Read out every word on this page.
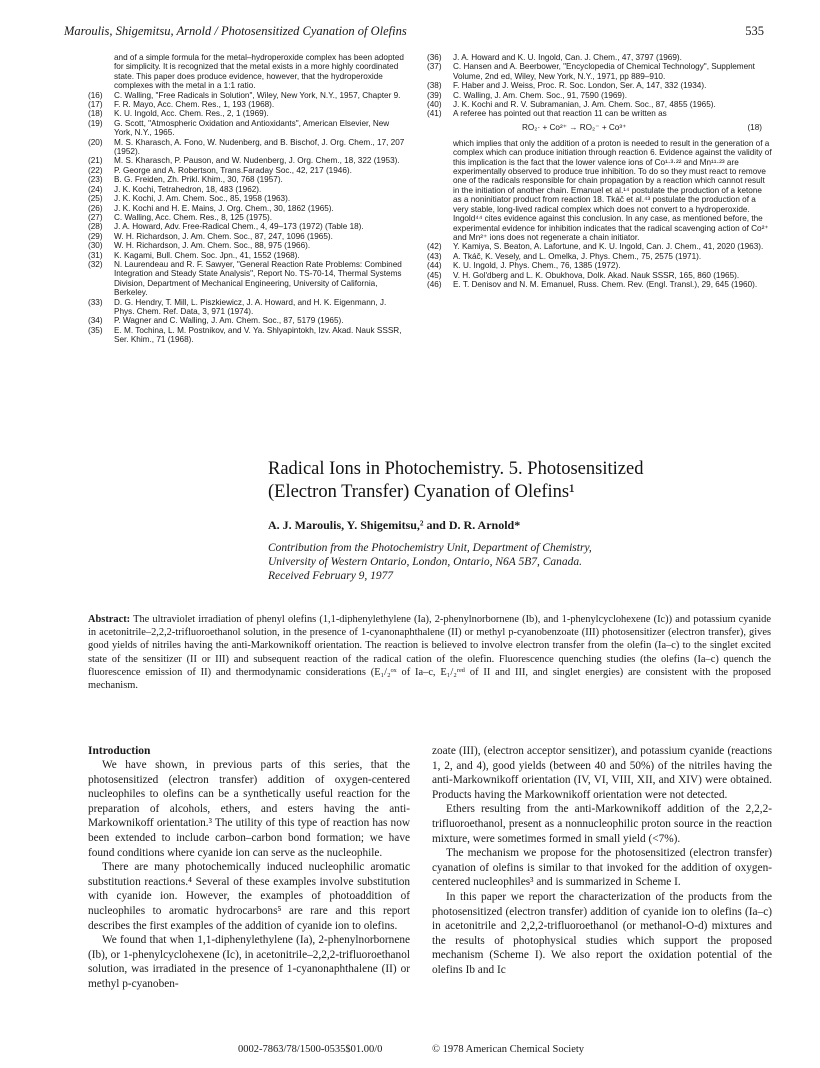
Maroulis, Shigemitsu, Arnold / Photosensitized Cyanation of Olefins	535

and of a simple formula for the metal–hydroperoxide complex has been adopted for simplicity. It is recognized that the metal exists in a more highly coordinated state. This paper does produce evidence, however, that the hydroperoxide complexes with the metal in a 1:1 ratio.

(16) C. Walling, "Free Radicals in Solution", Wiley, New York, N.Y., 1957, Chapter 9.

(17) F. R. Mayo, Acc. Chem. Res., 1, 193 (1968).

(18) K. U. Ingold, Acc. Chem. Res., 2, 1 (1969).

(19) G. Scott, "Atmospheric Oxidation and Antioxidants", American Elsevier, New York, N.Y., 1965.

(20) M. S. Kharasch, A. Fono, W. Nudenberg, and B. Bischof, J. Org. Chem., 17, 207 (1952).

(21) M. S. Kharasch, P. Pauson, and W. Nudenberg, J. Org. Chem., 18, 322 (1953).

(22) P. George and A. Robertson, Trans.Faraday Soc., 42, 217 (1946).

(23) B. G. Freiden, Zh. Prikl. Khim., 30, 768 (1957).

(24) J. K. Kochi, Tetrahedron, 18, 483 (1962).

(25) J. K. Kochi, J. Am. Chem. Soc., 85, 1958 (1963).

(26) J. K. Kochi and H. E. Mains, J. Org. Chem., 30, 1862 (1965).

(27) C. Walling, Acc. Chem. Res., 8, 125 (1975).

(28) J. A. Howard, Adv. Free-Radical Chem., 4, 49–173 (1972) (Table 18).

(29) W. H. Richardson, J. Am. Chem. Soc., 87, 247, 1096 (1965).

(30) W. H. Richardson, J. Am. Chem. Soc., 88, 975 (1966).

(31) K. Kagami, Bull. Chem. Soc. Jpn., 41, 1552 (1968).

(32) N. Laurendeau and R. F. Sawyer, "General Reaction Rate Problems: Combined Integration and Steady State Analysis", Report No. TS-70-14, Thermal Systems Division, Department of Mechanical Engineering, University of California, Berkeley.

(33) D. G. Hendry, T. Mill, L. Piszkiewicz, J. A. Howard, and H. K. Eigenmann, J. Phys. Chem. Ref. Data, 3, 971 (1974).

(34) P. Wagner and C. Walling, J. Am. Chem. Soc., 87, 5179 (1965).

(35) E. M. Tochina, L. M. Postnikov, and V. Ya. Shlyapintokh, Izv. Akad. Nauk SSSR, Ser. Khim., 71 (1968).

(36) J. A. Howard and K. U. Ingold, Can. J. Chem., 47, 3797 (1969).

(37) C. Hansen and A. Beerbower, "Encyclopedia of Chemical Technology", Supplement Volume, 2nd ed, Wiley, New York, N.Y., 1971, pp 889–910.

(38) F. Haber and J. Weiss, Proc. R. Soc. London, Ser. A, 147, 332 (1934).

(39) C. Walling, J. Am. Chem. Soc., 91, 7590 (1969).

(40) J. K. Kochi and R. V. Subramanian, J. Am. Chem. Soc., 87, 4855 (1965).

(41) A referee has pointed out that reaction 11 can be written as

RO₂· + Co²⁺ → RO₂⁻ + Co³⁺	(18)

which implies that only the addition of a proton is needed to result in the generation of a complex which can produce initiation through reaction 6. Evidence against the validity of this implication is the fact that the lower valence ions of Co¹·³·²² and Mn¹¹·²³ are experimentally observed to produce true inhibition. To do so they must react to remove one of the radicals responsible for chain propagation by a reaction which cannot result in the initiation of another chain. Emanuel et al.¹⁴ postulate the production of a ketone as a noninitiator product from reaction 18. Tkáč et al.⁴³ postulate the production of a very stable, long-lived radical complex which does not convert to a hydroperoxide. Ingold⁴⁴ cites evidence against this conclusion. In any case, as mentioned before, the experimental evidence for inhibition indicates that the radical scavenging action of Co²⁺ and Mn²⁺ ions does not regenerate a chain initiator.

(42) Y. Kamiya, S. Beaton, A. Lafortune, and K. U. Ingold, Can. J. Chem., 41, 2020 (1963).

(43) A. Tkáč, K. Vesely, and L. Omelka, J. Phys. Chem., 75, 2575 (1971).

(44) K. U. Ingold, J. Phys. Chem., 76, 1385 (1972).

(45) V. H. Gol'dberg and L. K. Obukhova, Dolk. Akad. Nauk SSSR, 165, 860 (1965).

(46) E. T. Denisov and N. M. Emanuel, Russ. Chem. Rev. (Engl. Transl.), 29, 645 (1960).

Radical Ions in Photochemistry. 5. Photosensitized
(Electron Transfer) Cyanation of Olefins¹
A. J. Maroulis, Y. Shigemitsu,² and D. R. Arnold*
Contribution from the Photochemistry Unit, Department of Chemistry,
University of Western Ontario, London, Ontario, N6A 5B7, Canada.
Received February 9, 1977
Abstract: The ultraviolet irradiation of phenyl olefins (1,1-diphenylethylene (Ia), 2-phenylnorbornene (Ib), and 1-phenylcyclohexene (Ic)) and potassium cyanide in acetonitrile–2,2,2-trifluoroethanol solution, in the presence of 1-cyanonaphthalene (II) or methyl p-cyanobenzoate (III) photosensitizer (electron transfer), gives good yields of nitriles having the anti-Markownikoff orientation. The reaction is believed to involve electron transfer from the olefin (Ia–c) to the singlet excited state of the sensitizer (II or III) and subsequent reaction of the radical cation of the olefin. Fluorescence quenching studies (the olefins (Ia–c) quench the fluorescence emission of II) and thermodynamic considerations (E₁/₂ᵒˣ of Ia–c, E₁/₂ʳᵉᵈ of II and III, and singlet energies) are consistent with the proposed mechanism.
Introduction

We have shown, in previous parts of this series, that the photosensitized (electron transfer) addition of oxygen-centered nucleophiles to olefins can be a synthetically useful reaction for the preparation of alcohols, ethers, and esters having the anti-Markownikoff orientation.³ The utility of this type of reaction has now been extended to include carbon–carbon bond formation; we have found conditions where cyanide ion can serve as the nucleophile.

There are many photochemically induced nucleophilic aromatic substitution reactions.⁴ Several of these examples involve substitution with cyanide ion. However, the examples of photoaddition of nucleophiles to aromatic hydrocarbons⁵ are rare and this report describes the first examples of the addition of cyanide ion to olefins.

We found that when 1,1-diphenylethylene (Ia), 2-phenylnorbornene (Ib), or 1-phenylcyclohexene (Ic), in acetonitrile–2,2,2-trifluoroethanol solution, was irradiated in the presence of 1-cyanonaphthalene (II) or methyl p-cyanoben-

zoate (III), (electron acceptor sensitizer), and potassium cyanide (reactions 1, 2, and 4), good yields (between 40 and 50%) of the nitriles having the anti-Markownikoff orientation (IV, VI, VIII, XII, and XIV) were obtained. Products having the Markownikoff orientation were not detected.

Ethers resulting from the anti-Markownikoff addition of the 2,2,2-trifluoroethanol, present as a nonnucleophilic proton source in the reaction mixture, were sometimes formed in small yield (<7%).

The mechanism we propose for the photosensitized (electron transfer) cyanation of olefins is similar to that invoked for the addition of oxygen-centered nucleophiles³ and is summarized in Scheme I.

In this paper we report the characterization of the products from the photosensitized (electron transfer) addition of cyanide ion to olefins (Ia–c) in acetonitrile and 2,2,2-trifluoroethanol (or methanol-O-d) mixtures and the results of photophysical studies which support the proposed mechanism (Scheme I). We also report the oxidation potential of the olefins Ib and Ic

0002-7863/78/1500-0535$01.00/0	© 1978 American Chemical Society
